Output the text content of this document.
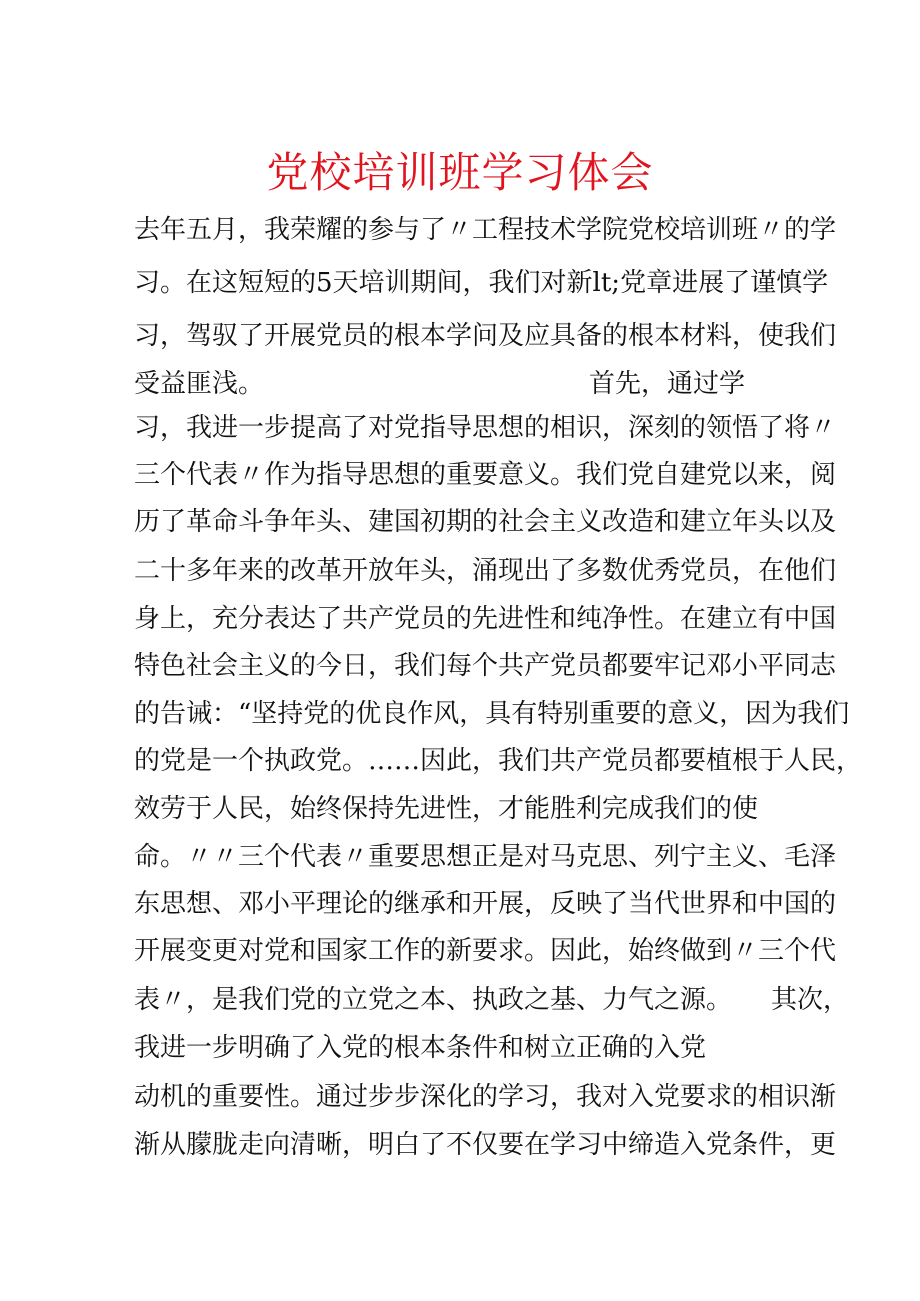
党校培训班学习体会
去年五月，我荣耀的参与了〃工程技术学院党校培训班〃的学
习。在这短短的5天培训期间，我们对新lt;党章进展了谨慎学
习，驾驭了开展党员的根本学问及应具备的根本材料，使我们
受益匪浅。　　　　　　　　　　　　　首先，通过学
习，我进一步提高了对党指导思想的相识，深刻的领悟了将〃
三个代表〃作为指导思想的重要意义。我们党自建党以来，阅
历了革命斗争年头、建国初期的社会主义改造和建立年头以及
二十多年来的改革开放年头，涌现出了多数优秀党员，在他们
身上，充分表达了共产党员的先进性和纯净性。在建立有中国
特色社会主义的今日，我们每个共产党员都要牢记邓小平同志
的告诫：“坚持党的优良作风，具有特别重要的意义，因为我们
的党是一个执政党。……因此，我们共产党员都要植根于人民，
效劳于人民，始终保持先进性，才能胜利完成我们的使
命。〃〃三个代表〃重要思想正是对马克思、列宁主义、毛泽
东思想、邓小平理论的继承和开展，反映了当代世界和中国的
开展变更对党和国家工作的新要求。因此，始终做到〃三个代
表〃，是我们党的立党之本、执政之基、力气之源。　　其次，
我进一步明确了入党的根本条件和树立正确的入党
动机的重要性。通过步步深化的学习，我对入党要求的相识渐
渐从朦胧走向清晰，明白了不仅要在学习中缔造入党条件，更
